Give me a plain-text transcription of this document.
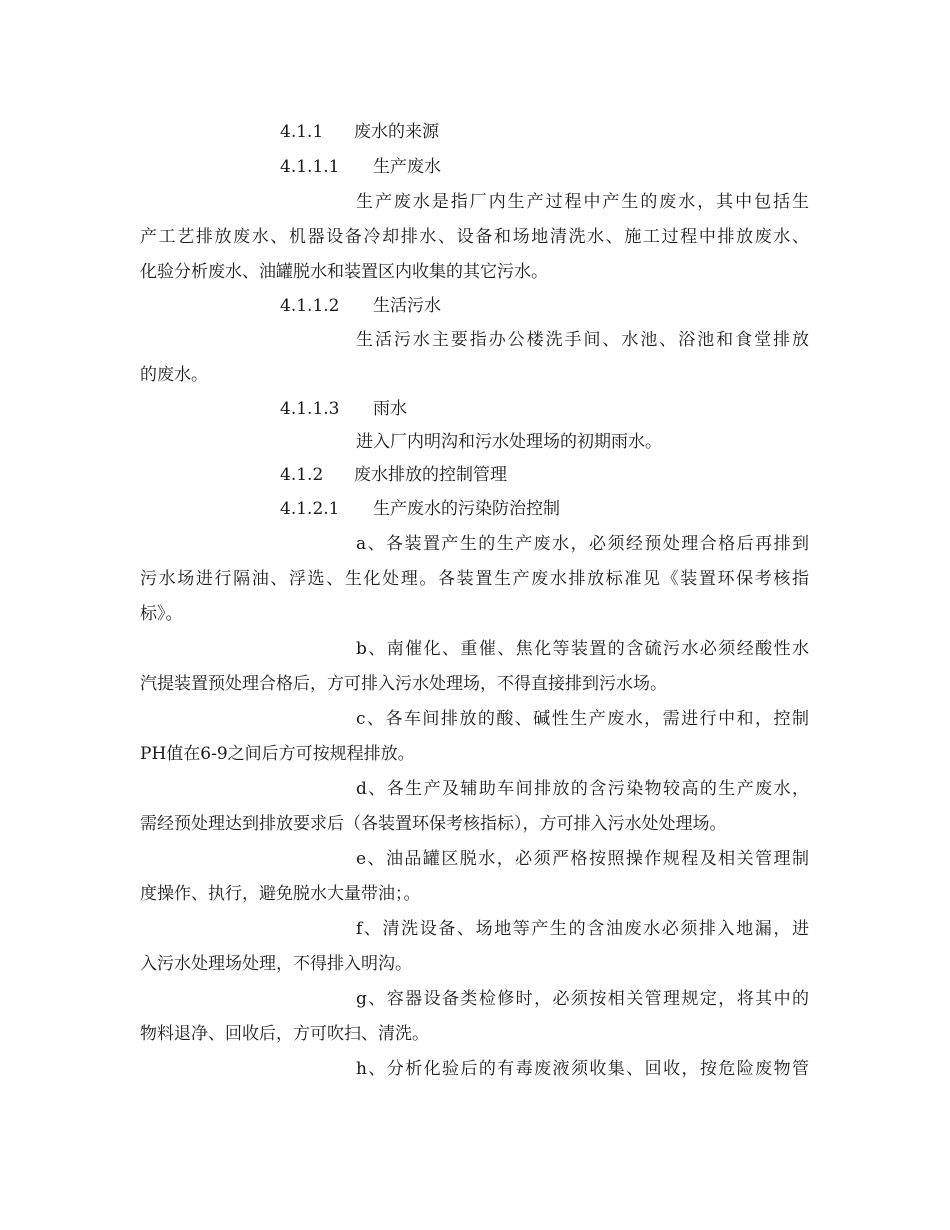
4.1.1 废水的来源
4.1.1.1 生产废水
生产废水是指厂内生产过程中产生的废水，其中包括生
产工艺排放废水、机器设备冷却排水、设备和场地清洗水、施工过程中排放废水、
化验分析废水、油罐脱水和装置区内收集的其它污水。
4.1.1.2 生活污水
生活污水主要指办公楼洗手间、水池、浴池和食堂排放
的废水。
4.1.1.3 雨水
进入厂内明沟和污水处理场的初期雨水。
4.1.2 废水排放的控制管理
4.1.2.1 生产废水的污染防治控制
a、各装置产生的生产废水，必须经预处理合格后再排到
污水场进行隔油、浮选、生化处理。各装置生产废水排放标准见《装置环保考核指
标》。
b、南催化、重催、焦化等装置的含硫污水必须经酸性水
汽提装置预处理合格后，方可排入污水处理场，不得直接排到污水场。
c、各车间排放的酸、碱性生产废水，需进行中和，控制
PH值在6-9之间后方可按规程排放。
d、各生产及辅助车间排放的含污染物较高的生产废水，
需经预处理达到排放要求后（各装置环保考核指标），方可排入污水处处理场。
e、油品罐区脱水，必须严格按照操作规程及相关管理制
度操作、执行，避免脱水大量带油；。
f、清洗设备、场地等产生的含油废水必须排入地漏，进
入污水处理场处理，不得排入明沟。
g、容器设备类检修时，必须按相关管理规定，将其中的
物料退净、回收后，方可吹扫、清洗。
h、分析化验后的有毒废液须收集、回收，按危险废物管
